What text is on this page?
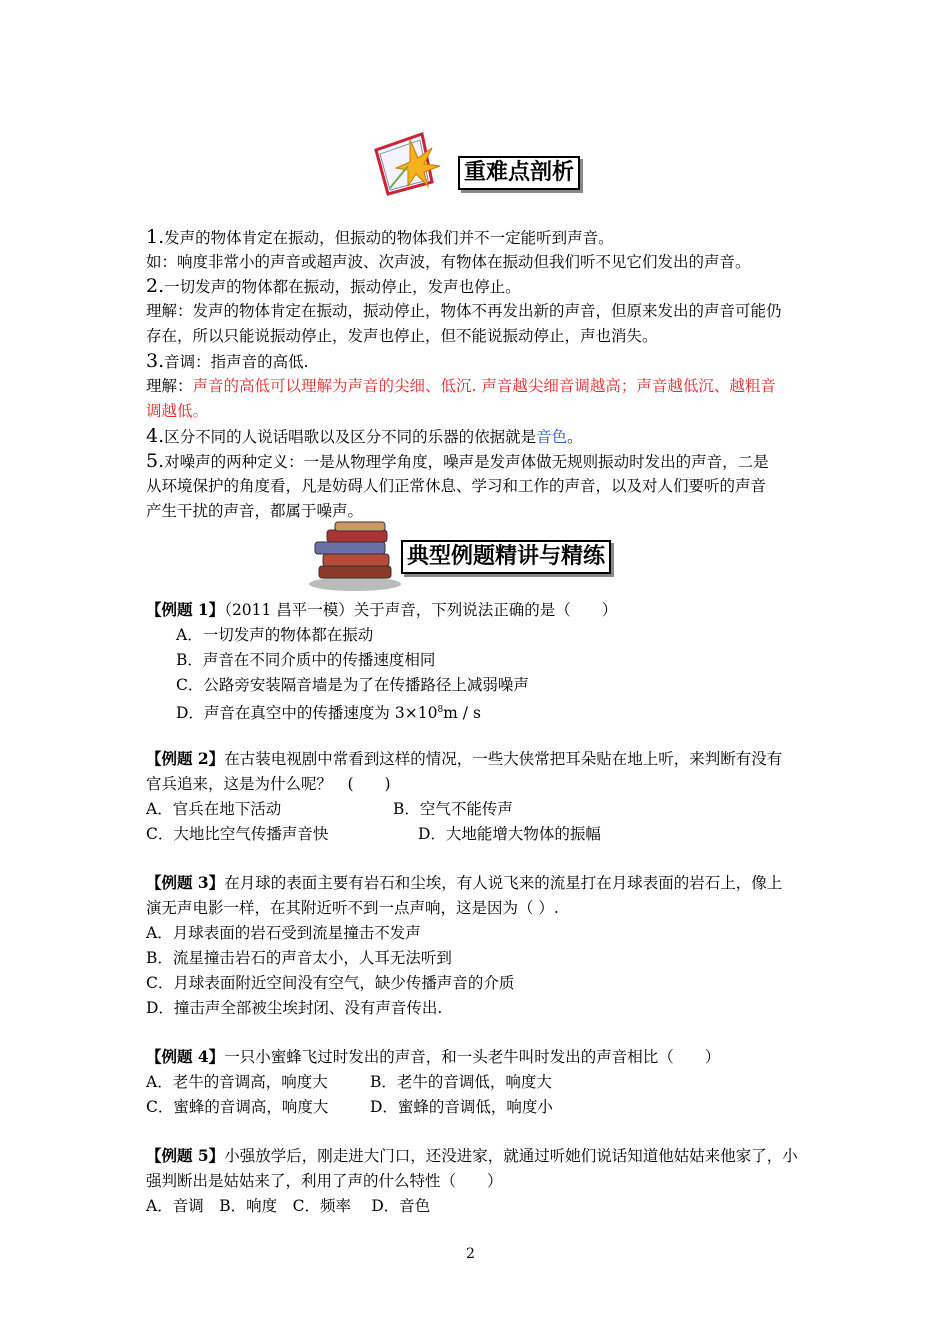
重难点剖析
1.发声的物体肯定在振动，但振动的物体我们并不一定能听到声音。
如：响度非常小的声音或超声波、次声波，有物体在振动但我们听不见它们发出的声音。
2.一切发声的物体都在振动，振动停止，发声也停止。
理解：发声的物体肯定在振动，振动停止，物体不再发出新的声音，但原来发出的声音可能仍
存在，所以只能说振动停止，发声也停止，但不能说振动停止，声也消失。
3.音调：指声音的高低.
理解：声音的高低可以理解为声音的尖细、低沉. 声音越尖细音调越高；声音越低沉、越粗音
调越低。
4.区分不同的人说话唱歌以及区分不同的乐器的依据就是音色。
5.对噪声的两种定义：一是从物理学角度，噪声是发声体做无规则振动时发出的声音，二是
从环境保护的角度看，凡是妨碍人们正常休息、学习和工作的声音，以及对人们要听的声音
产生干扰的声音，都属于噪声。
典型例题精讲与精练
【例题 1】（2011 昌平一模）关于声音，下列说法正确的是（　　）
A．一切发声的物体都在振动
B．声音在不同介质中的传播速度相同
C．公路旁安装隔音墙是为了在传播路径上减弱噪声
D．声音在真空中的传播速度为 $3\times 10^8m / s$
【例题 2】在古装电视剧中常看到这样的情况，一些大侠常把耳朵贴在地上听，来判断有没有
官兵追来，这是为什么呢？　(　　)
A．官兵在地下活动	B．空气不能传声
C．大地比空气传播声音快	D．大地能增大物体的振幅
【例题 3】在月球的表面主要有岩石和尘埃，有人说飞来的流星打在月球表面的岩石上，像上
演无声电影一样，在其附近听不到一点声响，这是因为（ ）.
A．月球表面的岩石受到流星撞击不发声
B．流星撞击岩石的声音太小，人耳无法听到
C．月球表面附近空间没有空气，缺少传播声音的介质
D．撞击声全部被尘埃封闭、没有声音传出.
【例题 4】一只小蜜蜂飞过时发出的声音，和一头老牛叫时发出的声音相比（　　）
A．老牛的音调高，响度大	B．老牛的音调低，响度大
C．蜜蜂的音调高，响度大	D．蜜蜂的音调低，响度小
【例题 5】小强放学后，刚走进大门口，还没进家，就通过听她们说话知道他姑姑来他家了，小
强判断出是姑姑来了，利用了声的什么特性（　　）
A．音调　B．响度　C．频率　 D．音色
2
